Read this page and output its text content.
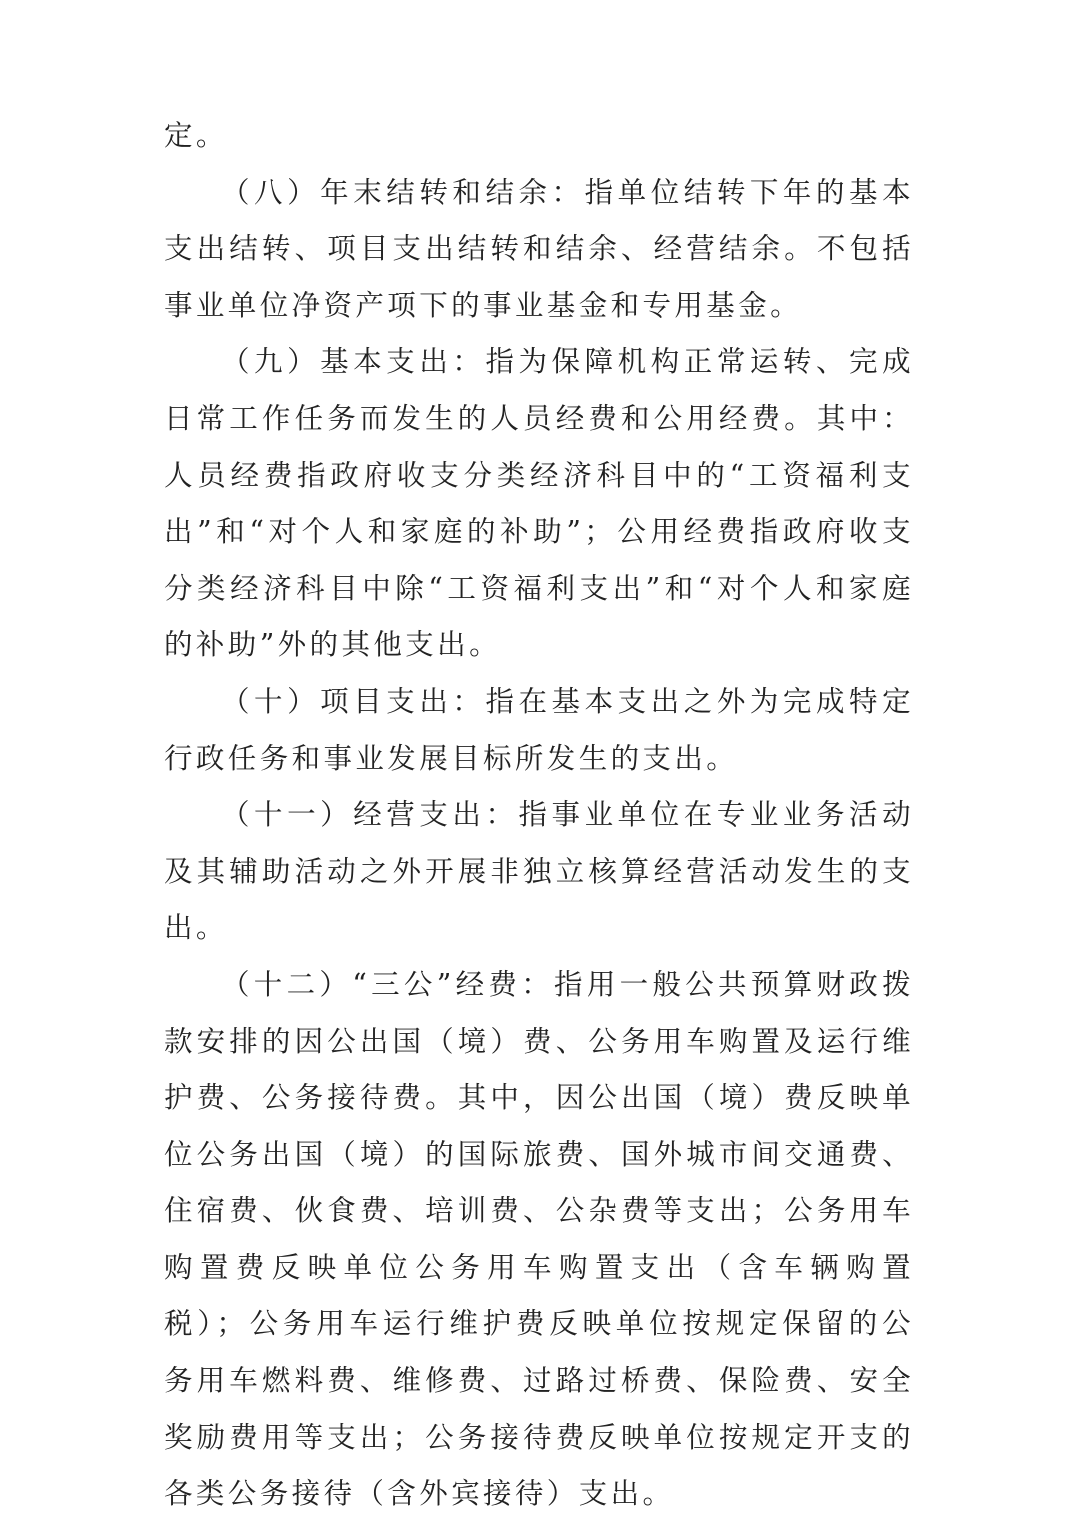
定。

（八）年末结转和结余：指单位结转下年的基本支出结转、项目支出结转和结余、经营结余。不包括事业单位净资产项下的事业基金和专用基金。

（九）基本支出：指为保障机构正常运转、完成日常工作任务而发生的人员经费和公用经费。其中：人员经费指政府收支分类经济科目中的“工资福利支出”和“对个人和家庭的补助”；公用经费指政府收支分类经济科目中除“工资福利支出”和“对个人和家庭的补助”外的其他支出。

（十）项目支出：指在基本支出之外为完成特定行政任务和事业发展目标所发生的支出。

（十一）经营支出：指事业单位在专业业务活动及其辅助活动之外开展非独立核算经营活动发生的支出。

（十二）“三公”经费：指用一般公共预算财政拨款安排的因公出国（境）费、公务用车购置及运行维护费、公务接待费。其中，因公出国（境）费反映单位公务出国（境）的国际旅费、国外城市间交通费、住宿费、伙食费、培训费、公杂费等支出；公务用车购置费反映单位公务用车购置支出（含车辆购置税）；公务用车运行维护费反映单位按规定保留的公务用车燃料费、维修费、过路过桥费、保险费、安全奖励费用等支出；公务接待费反映单位按规定开支的各类公务接待（含外宾接待）支出。
